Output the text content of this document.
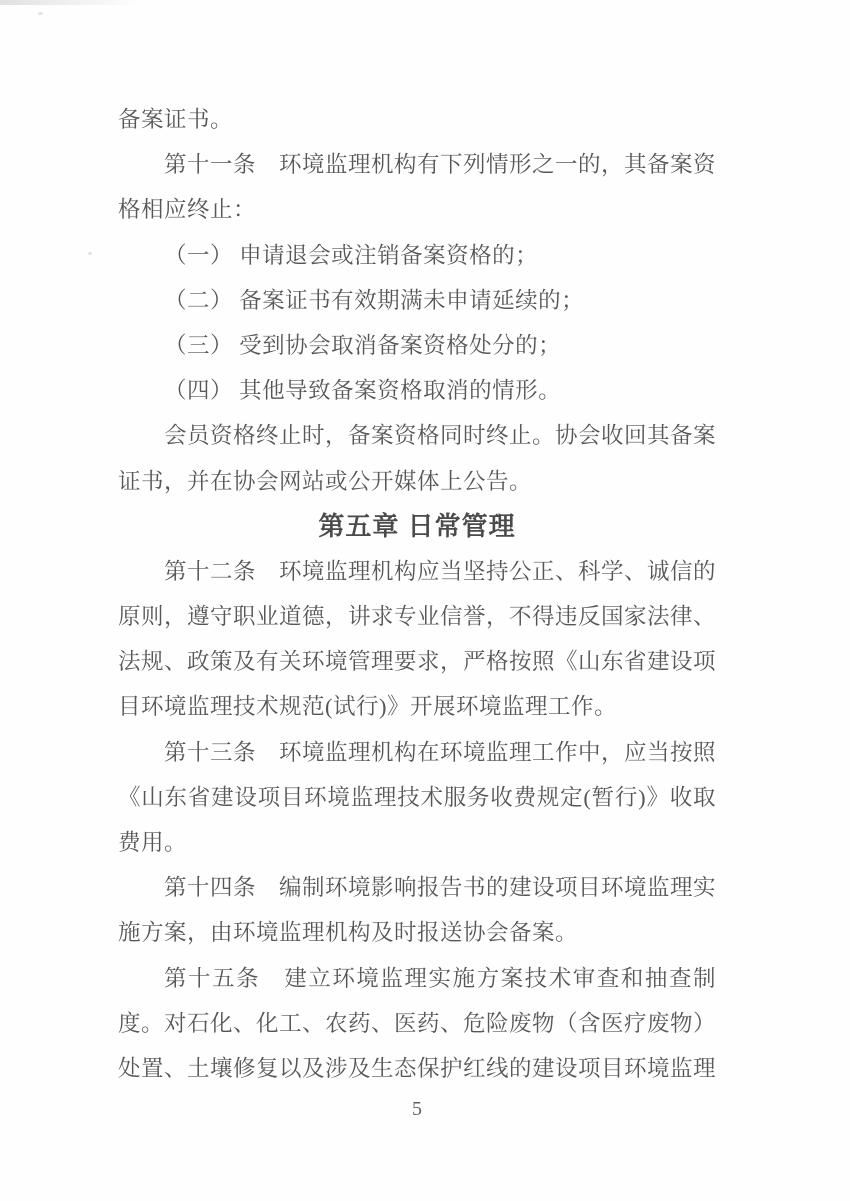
备案证书。
第十一条　环境监理机构有下列情形之一的，其备案资
格相应终止：
（一） 申请退会或注销备案资格的；
（二） 备案证书有效期满未申请延续的；
（三） 受到协会取消备案资格处分的；
（四） 其他导致备案资格取消的情形。
会员资格终止时，备案资格同时终止。协会收回其备案
证书，并在协会网站或公开媒体上公告。
第五章 日常管理
第十二条　环境监理机构应当坚持公正、科学、诚信的
原则，遵守职业道德，讲求专业信誉，不得违反国家法律、
法规、政策及有关环境管理要求，严格按照《山东省建设项
目环境监理技术规范(试行)》开展环境监理工作。
第十三条　环境监理机构在环境监理工作中，应当按照
《山东省建设项目环境监理技术服务收费规定(暂行)》收取
费用。
第十四条　编制环境影响报告书的建设项目环境监理实
施方案，由环境监理机构及时报送协会备案。
第十五条　建立环境监理实施方案技术审查和抽查制
度。对石化、化工、农药、医药、危险废物（含医疗废物）
处置、土壤修复以及涉及生态保护红线的建设项目环境监理
5
